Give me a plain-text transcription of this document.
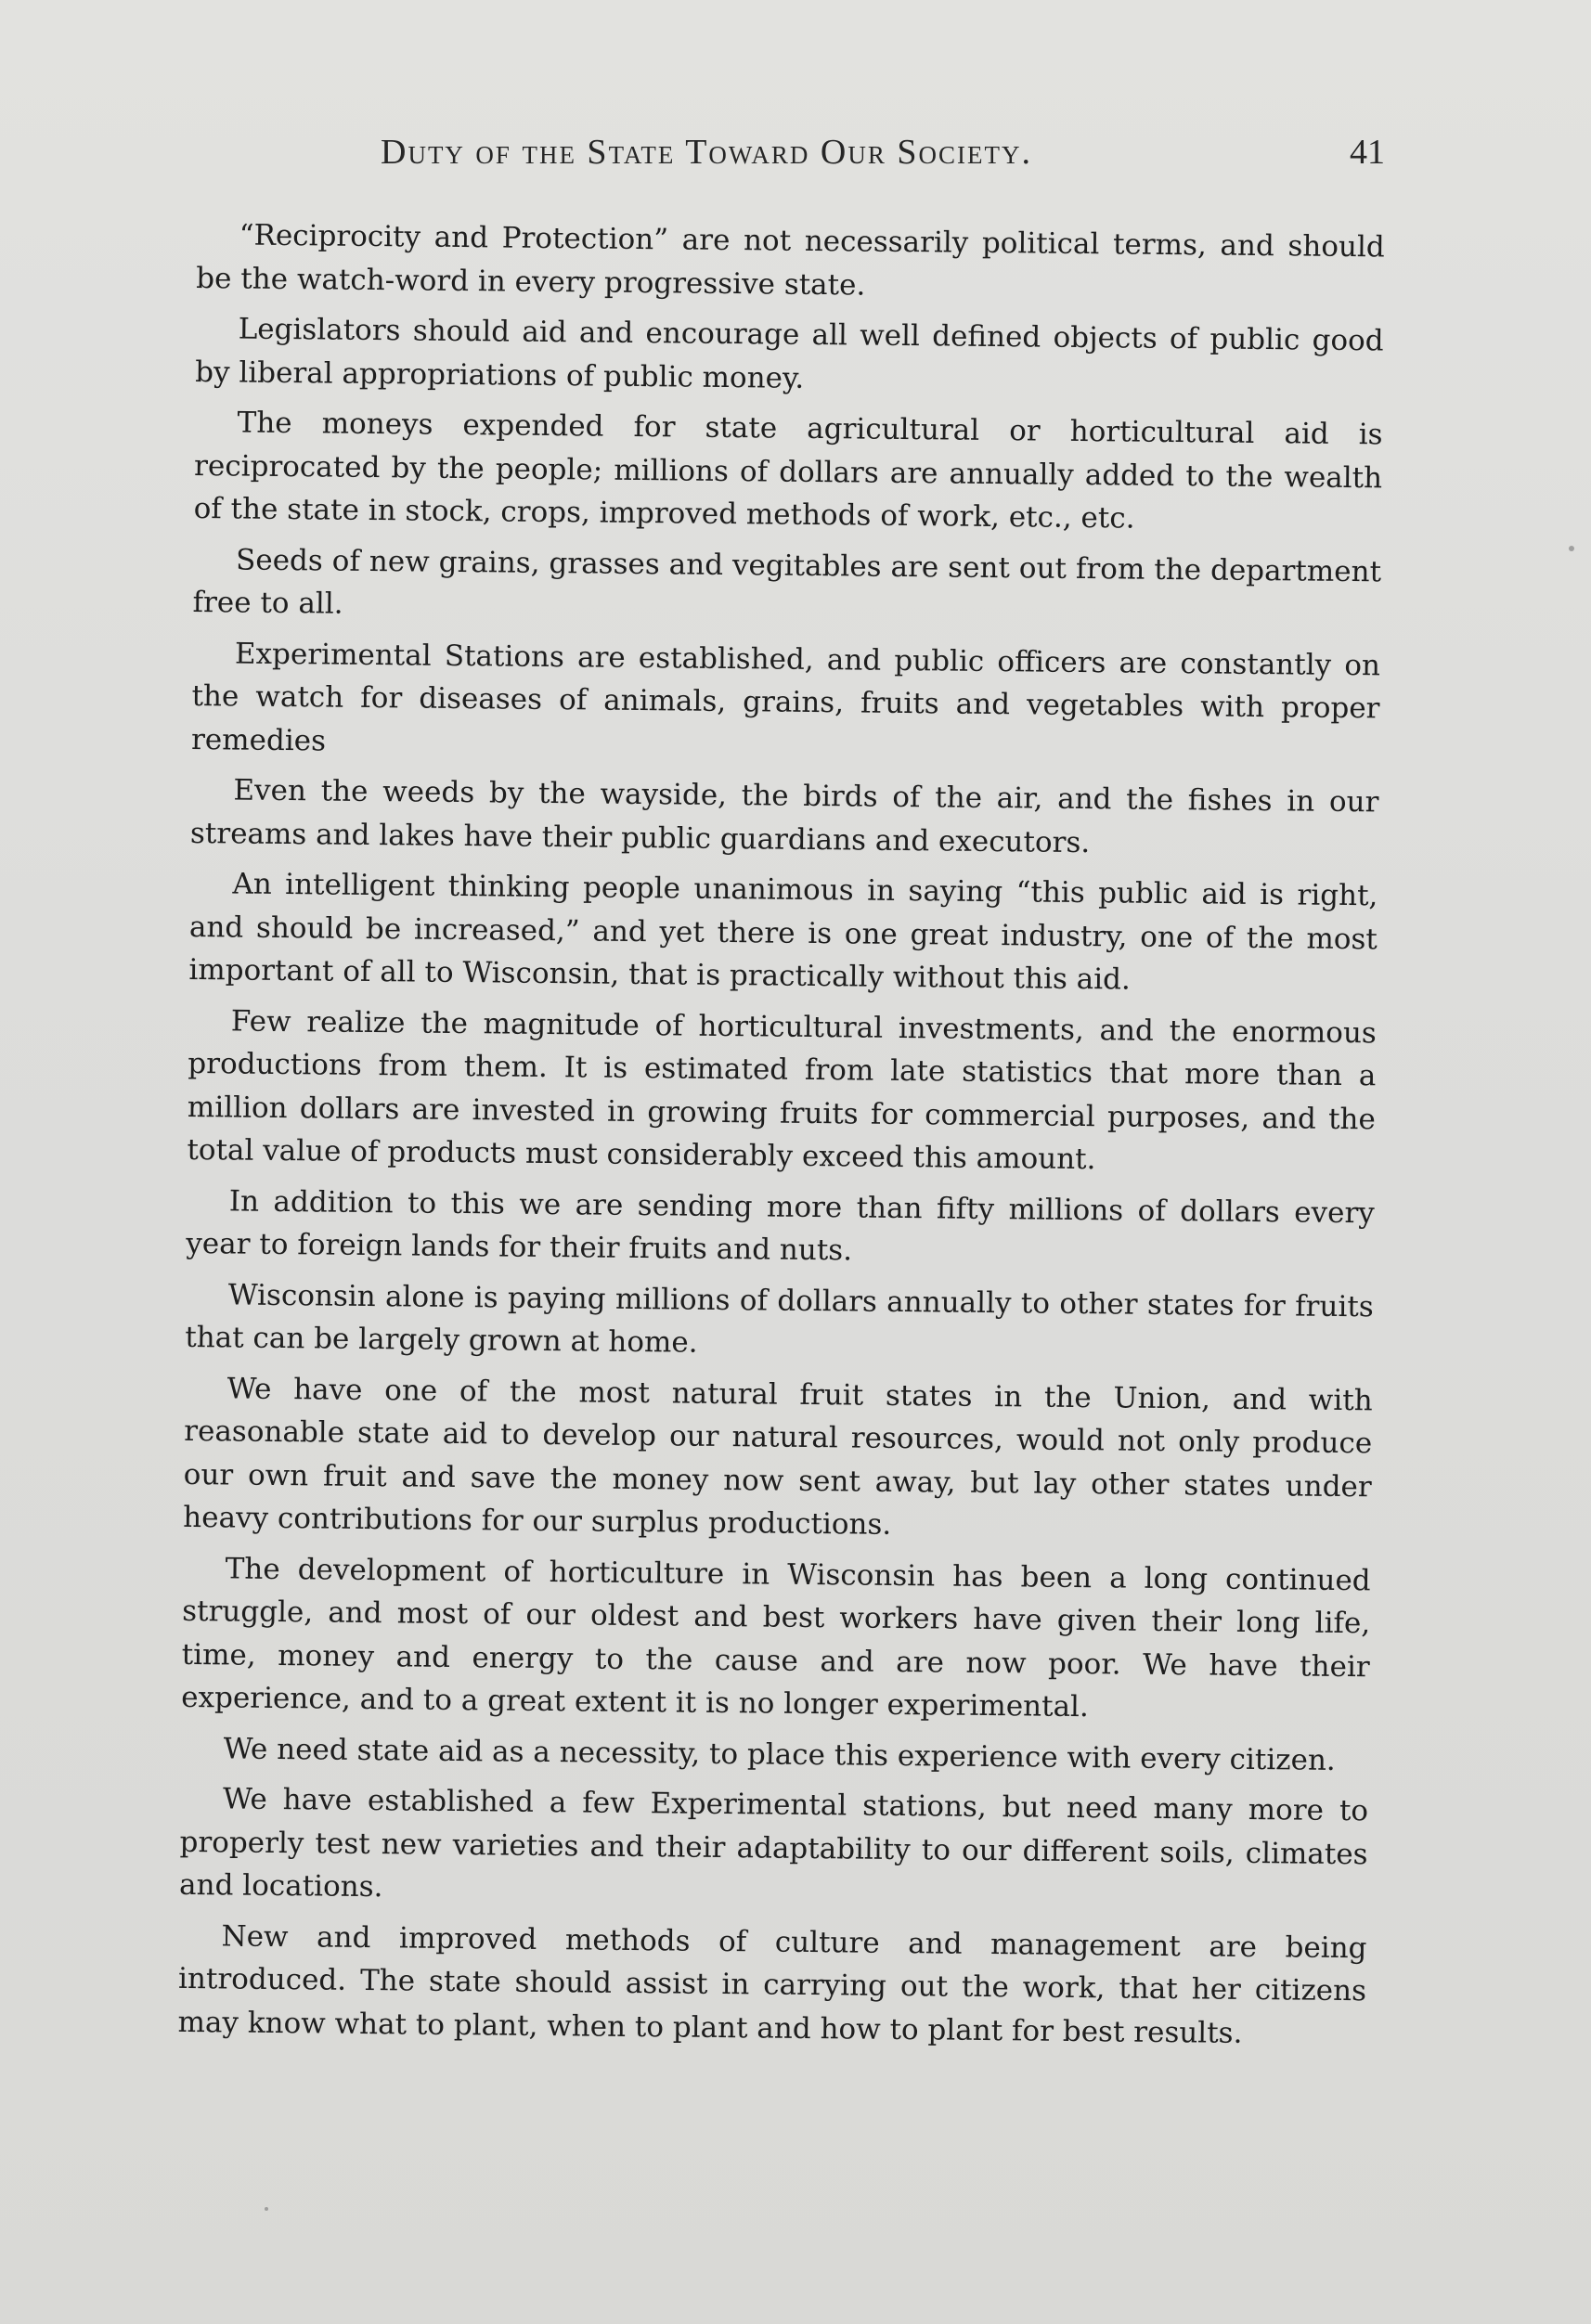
Duty of the State Toward Our Society.	41

“Reciprocity and Protection” are not necessarily political terms, and should be the watch-word in every progressive state.

Legislators should aid and encourage all well defined objects of public good by liberal appropriations of public money.

The moneys expended for state agricultural or horticultural aid is reciprocated by the people; millions of dollars are annually added to the wealth of the state in stock, crops, improved methods of work, etc., etc.

Seeds of new grains, grasses and vegitables are sent out from the department free to all.

Experimental Stations are established, and public officers are constantly on the watch for diseases of animals, grains, fruits and vegetables with proper remedies

Even the weeds by the wayside, the birds of the air, and the fishes in our streams and lakes have their public guardians and executors.

An intelligent thinking people unanimous in saying “this public aid is right, and should be increased,” and yet there is one great industry, one of the most important of all to Wisconsin, that is practically without this aid.

Few realize the magnitude of horticultural investments, and the enormous productions from them. It is estimated from late statistics that more than a million dollars are invested in growing fruits for commercial purposes, and the total value of products must considerably exceed this amount.

In addition to this we are sending more than fifty millions of dollars every year to foreign lands for their fruits and nuts.

Wisconsin alone is paying millions of dollars annually to other states for fruits that can be largely grown at home.

We have one of the most natural fruit states in the Union, and with reasonable state aid to develop our natural resources, would not only produce our own fruit and save the money now sent away, but lay other states under heavy contributions for our surplus productions.

The development of horticulture in Wisconsin has been a long continued struggle, and most of our oldest and best workers have given their long life, time, money and energy to the cause and are now poor. We have their experience, and to a great extent it is no longer experimental.

We need state aid as a necessity, to place this experience with every citizen.

We have established a few Experimental stations, but need many more to properly test new varieties and their adaptability to our different soils, climates and locations.

New and improved methods of culture and management are being introduced. The state should assist in carrying out the work, that her citizens may know what to plant, when to plant and how to plant for best results.
